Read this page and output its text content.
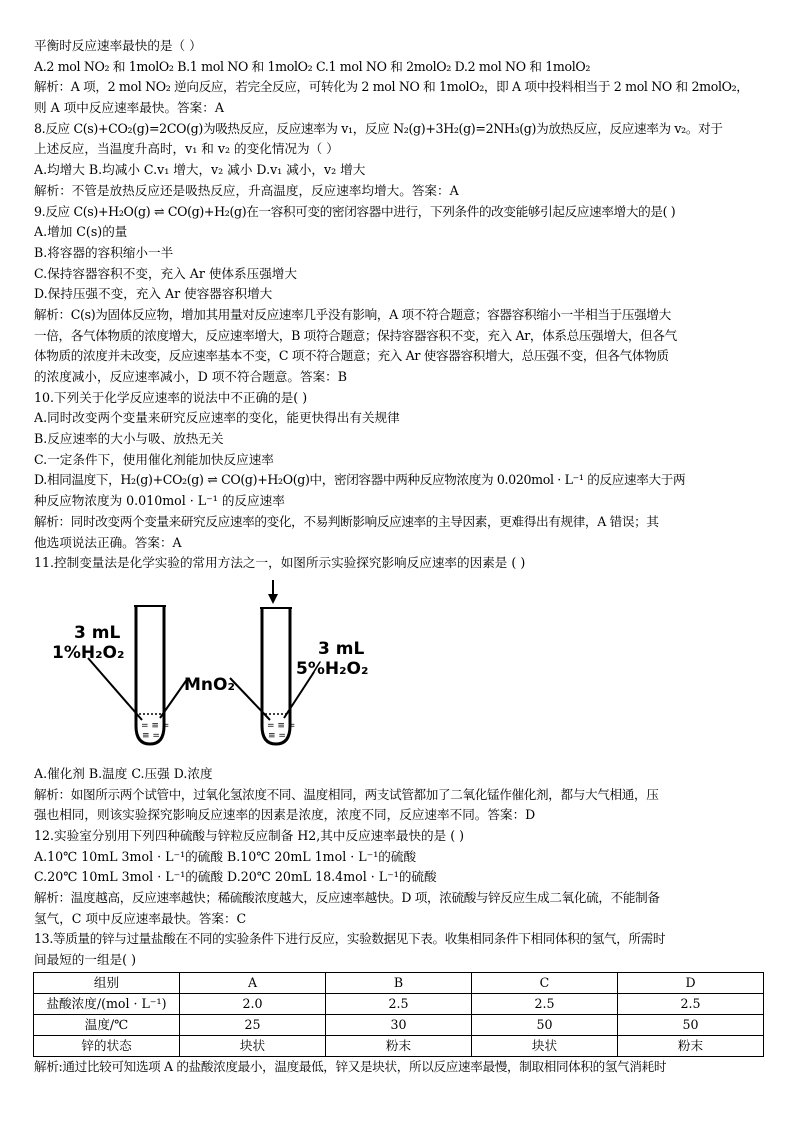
平衡时反应速率最快的是（ ）
A.2 mol NO₂ 和 1molO₂ B.1 mol NO 和 1molO₂ C.1 mol NO 和 2molO₂ D.2 mol NO 和 1molO₂
解析：A 项，2 mol NO₂ 逆向反应，若完全反应，可转化为 2 mol NO 和 1molO₂，即 A 项中投料相当于 2 mol NO 和 2molO₂，
则 A 项中反应速率最快。答案：A
8.反应 C(s)+CO₂(g)=2CO(g)为吸热反应，反应速率为 v₁，反应 N₂(g)+3H₂(g)=2NH₃(g)为放热反应，反应速率为 v₂。对于
上述反应，当温度升高时，v₁ 和 v₂ 的变化情况为（ ）
A.均增大 B.均减小 C.v₁ 增大，v₂ 减小 D.v₁ 减小，v₂ 增大
解析：不管是放热反应还是吸热反应，升高温度，反应速率均增大。答案：A
9.反应 C(s)+H₂O(g) ⇌ CO(g)+H₂(g)在一容积可变的密闭容器中进行，下列条件的改变能够引起反应速率增大的是( )
A.增加 C(s)的量
B.将容器的容积缩小一半
C.保持容器容积不变，充入 Ar 使体系压强增大
D.保持压强不变，充入 Ar 使容器容积增大
解析：C(s)为固体反应物，增加其用量对反应速率几乎没有影响，A 项不符合题意；容器容积缩小一半相当于压强增大
一倍，各气体物质的浓度增大，反应速率增大，B 项符合题意；保持容器容积不变，充入 Ar，体系总压强增大，但各气
体物质的浓度并未改变，反应速率基本不变，C 项不符合题意；充入 Ar 使容器容积增大，总压强不变，但各气体物质
的浓度减小，反应速率减小，D 项不符合题意。答案：B
10.下列关于化学反应速率的说法中不正确的是( )
A.同时改变两个变量来研究反应速率的变化，能更快得出有关规律
B.反应速率的大小与吸、放热无关
C.一定条件下，使用催化剂能加快反应速率
D.相同温度下，H₂(g)+CO₂(g) ⇌ CO(g)+H₂O(g)中，密闭容器中两种反应物浓度为 0.020mol · L⁻¹ 的反应速率大于两
种反应物浓度为 0.010mol · L⁻¹ 的反应速率
解析：同时改变两个变量来研究反应速率的变化，不易判断影响反应速率的主导因素，更难得出有规律，A 错误；其
他选项说法正确。答案：A
11.控制变量法是化学实验的常用方法之一，如图所示实验探究影响反应速率的因素是 ( )
= ≡ =
≡ =
= ≡ =
≡ =
3 mL
1%H₂O₂
MnO₂
3 mL
5%H₂O₂
A.催化剂 B.温度 C.压强 D.浓度
解析：如图所示两个试管中，过氧化氢浓度不同、温度相同，两支试管都加了二氧化锰作催化剂，都与大气相通，压
强也相同，则该实验探究影响反应速率的因素是浓度，浓度不同，反应速率不同。答案：D
12.实验室分别用下列四种硫酸与锌粒反应制备 H2,其中反应速率最快的是 ( )
A.10℃ 10mL 3mol · L⁻¹的硫酸 B.10℃ 20mL 1mol · L⁻¹的硫酸
C.20℃ 10mL 3mol · L⁻¹的硫酸 D.20℃ 20mL 18.4mol · L⁻¹的硫酸
解析：温度越高，反应速率越快；稀硫酸浓度越大，反应速率越快。D 项，浓硫酸与锌反应生成二氧化硫，不能制备
氢气，C 项中反应速率最快。答案：C
13.等质量的锌与过量盐酸在不同的实验条件下进行反应，实验数据见下表。收集相同条件下相同体积的氢气，所需时
间最短的一组是( )
组别	A	B	C	D
盐酸浓度/(mol · L⁻¹)	2.0	2.5	2.5	2.5
温度/℃	25	30	50	50
锌的状态	块状	粉末	块状	粉末
解析:通过比较可知选项 A 的盐酸浓度最小，温度最低，锌又是块状，所以反应速率最慢，制取相同体积的氢气消耗时
